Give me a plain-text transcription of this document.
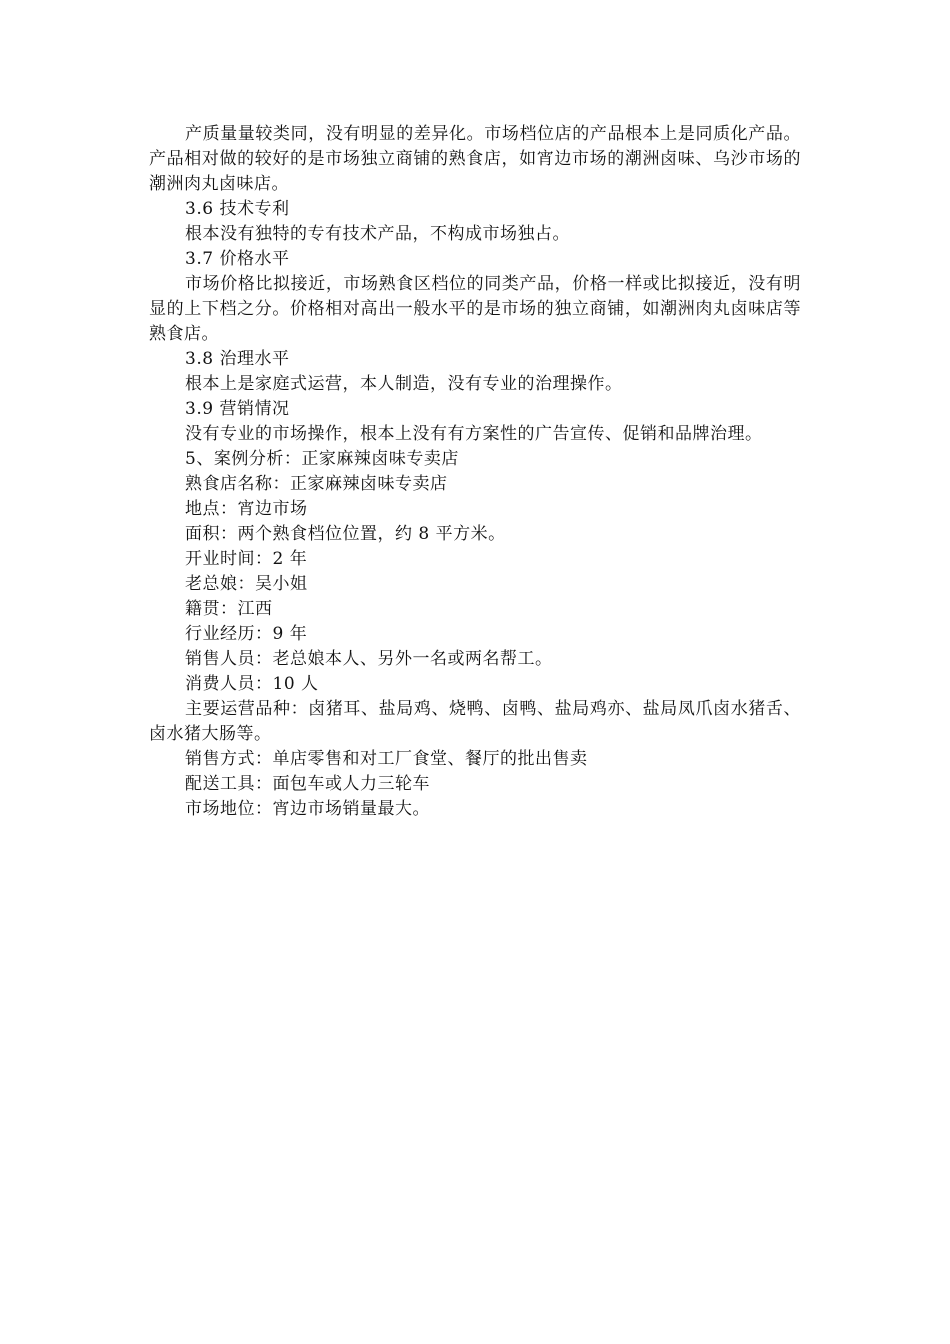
产质量量较类同，没有明显的差异化。市场档位店的产品根本上是同质化产品。产品相对做的较好的是市场独立商铺的熟食店，如宵边市场的潮洲卤味、乌沙市场的潮洲肉丸卤味店。

3.6 技术专利

根本没有独特的专有技术产品，不构成市场独占。

3.7 价格水平

市场价格比拟接近，市场熟食区档位的同类产品，价格一样或比拟接近，没有明显的上下档之分。价格相对高出一般水平的是市场的独立商铺，如潮洲肉丸卤味店等熟食店。

3.8 治理水平

根本上是家庭式运营，本人制造，没有专业的治理操作。

3.9 营销情况

没有专业的市场操作，根本上没有有方案性的广告宣传、促销和品牌治理。

5、案例分析：正家麻辣卤味专卖店

熟食店名称：正家麻辣卤味专卖店

地点：宵边市场

面积：两个熟食档位位置，约 8 平方米。

开业时间：2 年

老总娘：吴小姐

籍贯：江西

行业经历：9 年

销售人员：老总娘本人、另外一名或两名帮工。

消费人员：10 人

主要运营品种：卤猪耳、盐局鸡、烧鸭、卤鸭、盐局鸡亦、盐局凤爪卤水猪舌、卤水猪大肠等。

销售方式：单店零售和对工厂食堂、餐厅的批出售卖

配送工具：面包车或人力三轮车

市场地位：宵边市场销量最大。
